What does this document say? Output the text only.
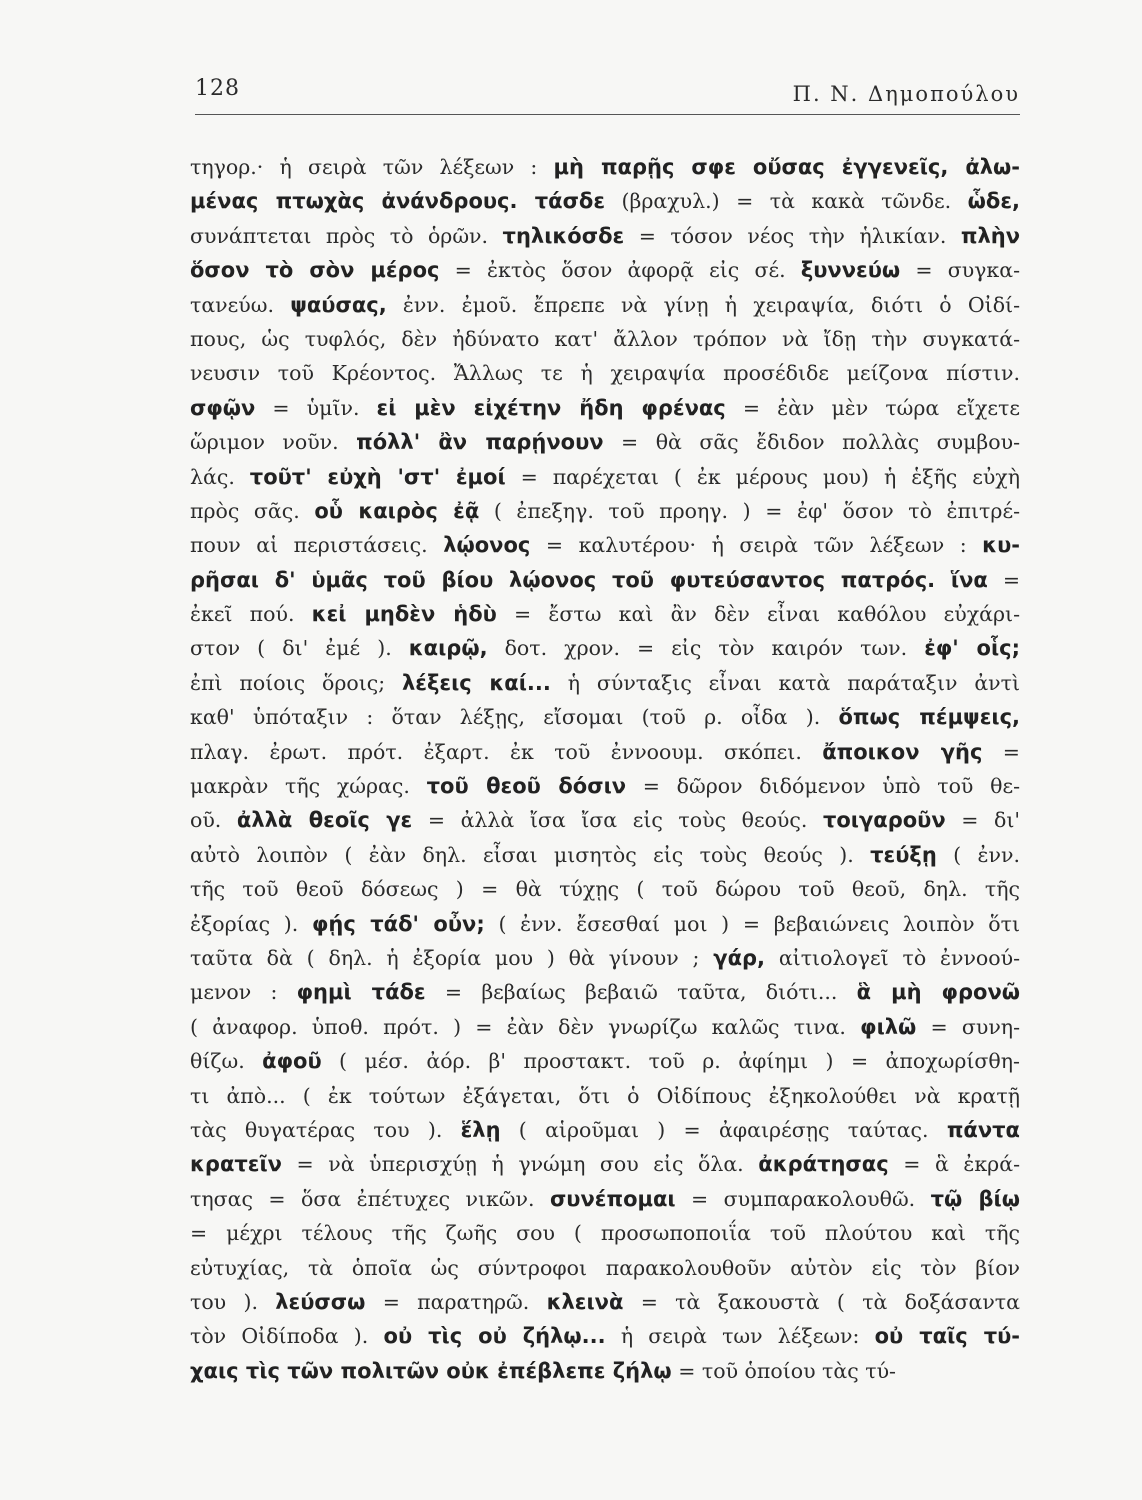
128	Π. Ν. Δημοπούλου
τηγορ.· ἡ σειρὰ τῶν λέξεων : μὴ παρῇς σφε οὔσας ἐγγενεῖς, ἀλω-
μένας πτωχὰς ἀνάνδρους. τάσδε (βραχυλ.) = τὰ κακὰ τῶνδε. ὧδε,
συνάπτεται πρὸς τὸ ὁρῶν. τηλικόσδε = τόσον νέος τὴν ἡλικίαν. πλὴν
ὅσον τὸ σὸν μέρος = ἐκτὸς ὅσον ἀφορᾷ εἰς σέ. ξυννεύω = συγκα-
τανεύω. ψαύσας, ἐνν. ἐμοῦ. ἔπρεπε νὰ γίνῃ ἡ χειραψία, διότι ὁ Οἰδί-
πους, ὡς τυφλός, δὲν ἠδύνατο κατ' ἄλλον τρόπον νὰ ἴδῃ τὴν συγκατά-
νευσιν τοῦ Κρέοντος. Ἄλλως τε ἡ χειραψία προσέδιδε μείζονα πίστιν.
σφῷν = ὑμῖν. εἰ μὲν εἰχέτην ἤδη φρένας = ἐὰν μὲν τώρα εἴχετε
ὥριμον νοῦν. πόλλ' ἂν παρῄνουν = θὰ σᾶς ἔδιδον πολλὰς συμβου-
λάς. τοῦτ' εὐχὴ 'στ' ἐμοί = παρέχεται ( ἐκ μέρους μου) ἡ ἑξῆς εὐχὴ
πρὸς σᾶς. οὗ καιρὸς ἐᾷ ( ἐπεξηγ. τοῦ προηγ. ) = ἐφ' ὅσον τὸ ἐπιτρέ-
πουν αἱ περιστάσεις. λῴονος = καλυτέρου· ἡ σειρὰ τῶν λέξεων : κυ-
ρῆσαι δ' ὑμᾶς τοῦ βίου λῴονος τοῦ φυτεύσαντος πατρός. ἵνα =
ἐκεῖ πού. κεἰ μηδὲν ἡδὺ = ἔστω καὶ ἂν δὲν εἶναι καθόλου εὐχάρι-
στον ( δι' ἐμέ ). καιρῷ, δοτ. χρον. = εἰς τὸν καιρόν των. ἐφ' οἷς;
ἐπὶ ποίοις ὅροις; λέξεις καί... ἡ σύνταξις εἶναι κατὰ παράταξιν ἀντὶ
καθ' ὑπόταξιν : ὅταν λέξῃς, εἴσομαι (τοῦ ρ. οἶδα ). ὅπως πέμψεις,
πλαγ. ἐρωτ. πρότ. ἐξαρτ. ἐκ τοῦ ἐννοουμ. σκόπει. ἄποικον γῆς =
μακρὰν τῆς χώρας. τοῦ θεοῦ δόσιν = δῶρον διδόμενον ὑπὸ τοῦ θε-
οῦ. ἀλλὰ θεοῖς γε = ἀλλὰ ἴσα ἴσα εἰς τοὺς θεούς. τοιγαροῦν = δι'
αὐτὸ λοιπὸν ( ἐὰν δηλ. εἶσαι μισητὸς εἰς τοὺς θεούς ). τεύξῃ ( ἐνν.
τῆς τοῦ θεοῦ δόσεως ) = θὰ τύχῃς ( τοῦ δώρου τοῦ θεοῦ, δηλ. τῆς
ἐξορίας ). φῄς τάδ' οὖν; ( ἐνν. ἔσεσθαί μοι ) = βεβαιώνεις λοιπὸν ὅτι
ταῦτα δὰ ( δηλ. ἡ ἐξορία μου ) θὰ γίνουν ; γάρ, αἰτιολογεῖ τὸ ἐννοού-
μενον : φημὶ τάδε = βεβαίως βεβαιῶ ταῦτα, διότι... ἃ μὴ φρονῶ
( ἀναφορ. ὑποθ. πρότ. ) = ἐὰν δὲν γνωρίζω καλῶς τινα. φιλῶ = συνη-
θίζω. ἀφοῦ ( μέσ. ἀόρ. β' προστακτ. τοῦ ρ. ἀφίημι ) = ἀποχωρίσθη-
τι ἀπὸ... ( ἐκ τούτων ἐξάγεται, ὅτι ὁ Οἰδίπους ἐξηκολούθει νὰ κρατῇ
τὰς θυγατέρας του ). ἕλῃ ( αἱροῦμαι ) = ἀφαιρέσῃς ταύτας. πάντα
κρατεῖν = νὰ ὑπερισχύῃ ἡ γνώμη σου εἰς ὅλα. ἀκράτησας = ἃ ἐκρά-
τησας = ὅσα ἐπέτυχες νικῶν. συνέπομαι = συμπαρακολουθῶ. τῷ βίῳ
= μέχρι τέλους τῆς ζωῆς σου ( προσωποποιΐα τοῦ πλούτου καὶ τῆς
εὐτυχίας, τὰ ὁποῖα ὡς σύντροφοι παρακολουθοῦν αὐτὸν εἰς τὸν βίον
του ). λεύσσω = παρατηρῶ. κλεινὰ = τὰ ξακουστὰ ( τὰ δοξάσαντα
τὸν Οἰδίποδα ). οὐ τὶς οὐ ζήλῳ... ἡ σειρὰ των λέξεων: οὐ ταῖς τύ-
χαις τὶς τῶν πολιτῶν οὐκ ἐπέβλεπε ζήλῳ = τοῦ ὁποίου τὰς τύ-
